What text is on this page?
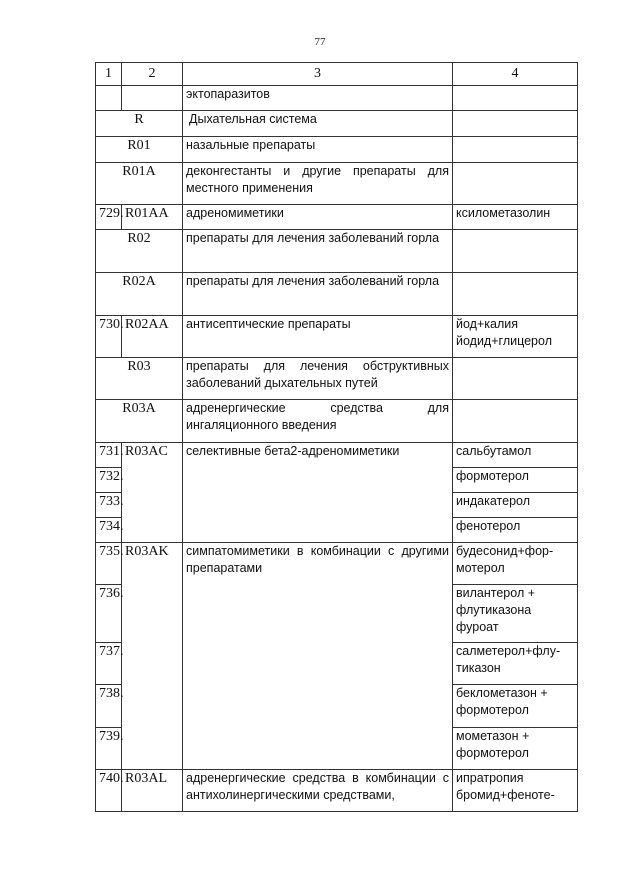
77
1	2	3	4
		эктопаразитов	
R		Дыхательная система	
R01		назальные препараты	
R01A		деконгестанты и другие препараты для местного применения	
729.	R01AA	адреномиметики	ксилометазолин
R02		препараты для лечения заболеваний горла	
R02A		препараты для лечения заболеваний горла	
730.	R02AA	антисептические препараты	йод+калия йодид+глицерол
R03		препараты для лечения обструктивных заболеваний дыхательных путей	
R03A		адренергические средства для ингаляционного введения	
731.	R03AC	селективные бета2-адреномиметики	сальбутамол
732.			формотерол
733.			индакатерол
734.			фенотерол
735.	R03AK	симпатомиметики в комбинации с другими препаратами	будесонид+фор-мотерол
736.			вилантерол + флутиказона фуроат
737.			салметерол+флу-тиказон
738.			беклометазон + формотерол
739.			мометазон + формотерол
740.	R03AL	адренергические средства в комбинации с антихолинергическими средствами,	ипратропия бромид+феноте-
